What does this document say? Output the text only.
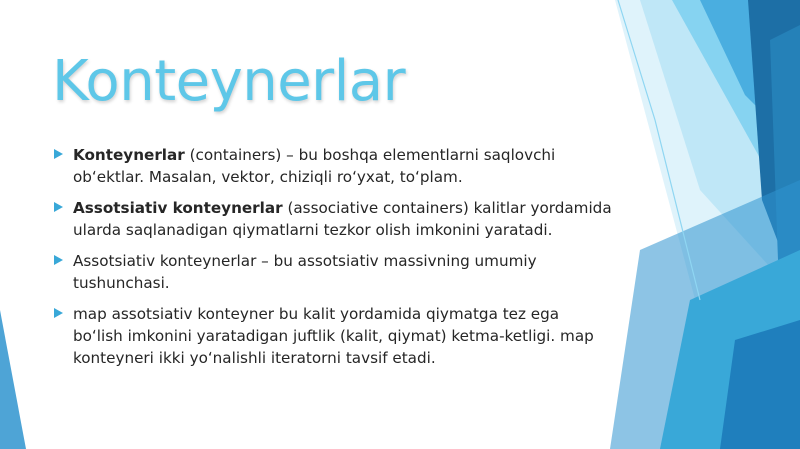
Konteynerlar
Konteynerlar (containers) – bu boshqa elementlarni saqlovchi obʻektlar. Masalan, vektor, chiziqli roʻyxat, toʻplam.
Assotsiativ konteynerlar (associative containers) kalitlar yordamida ularda saqlanadigan qiymatlarni tezkor olish imkonini yaratadi.
Assotsiativ konteynerlar – bu assotsiativ massivning umumiy tushunchasi.
map assotsiativ konteyner bu kalit yordamida qiymatga tez ega boʻlish imkonini yaratadigan juftlik (kalit, qiymat) ketma-ketligi. map konteyneri ikki yoʻnalishli iteratorni tavsif etadi.
